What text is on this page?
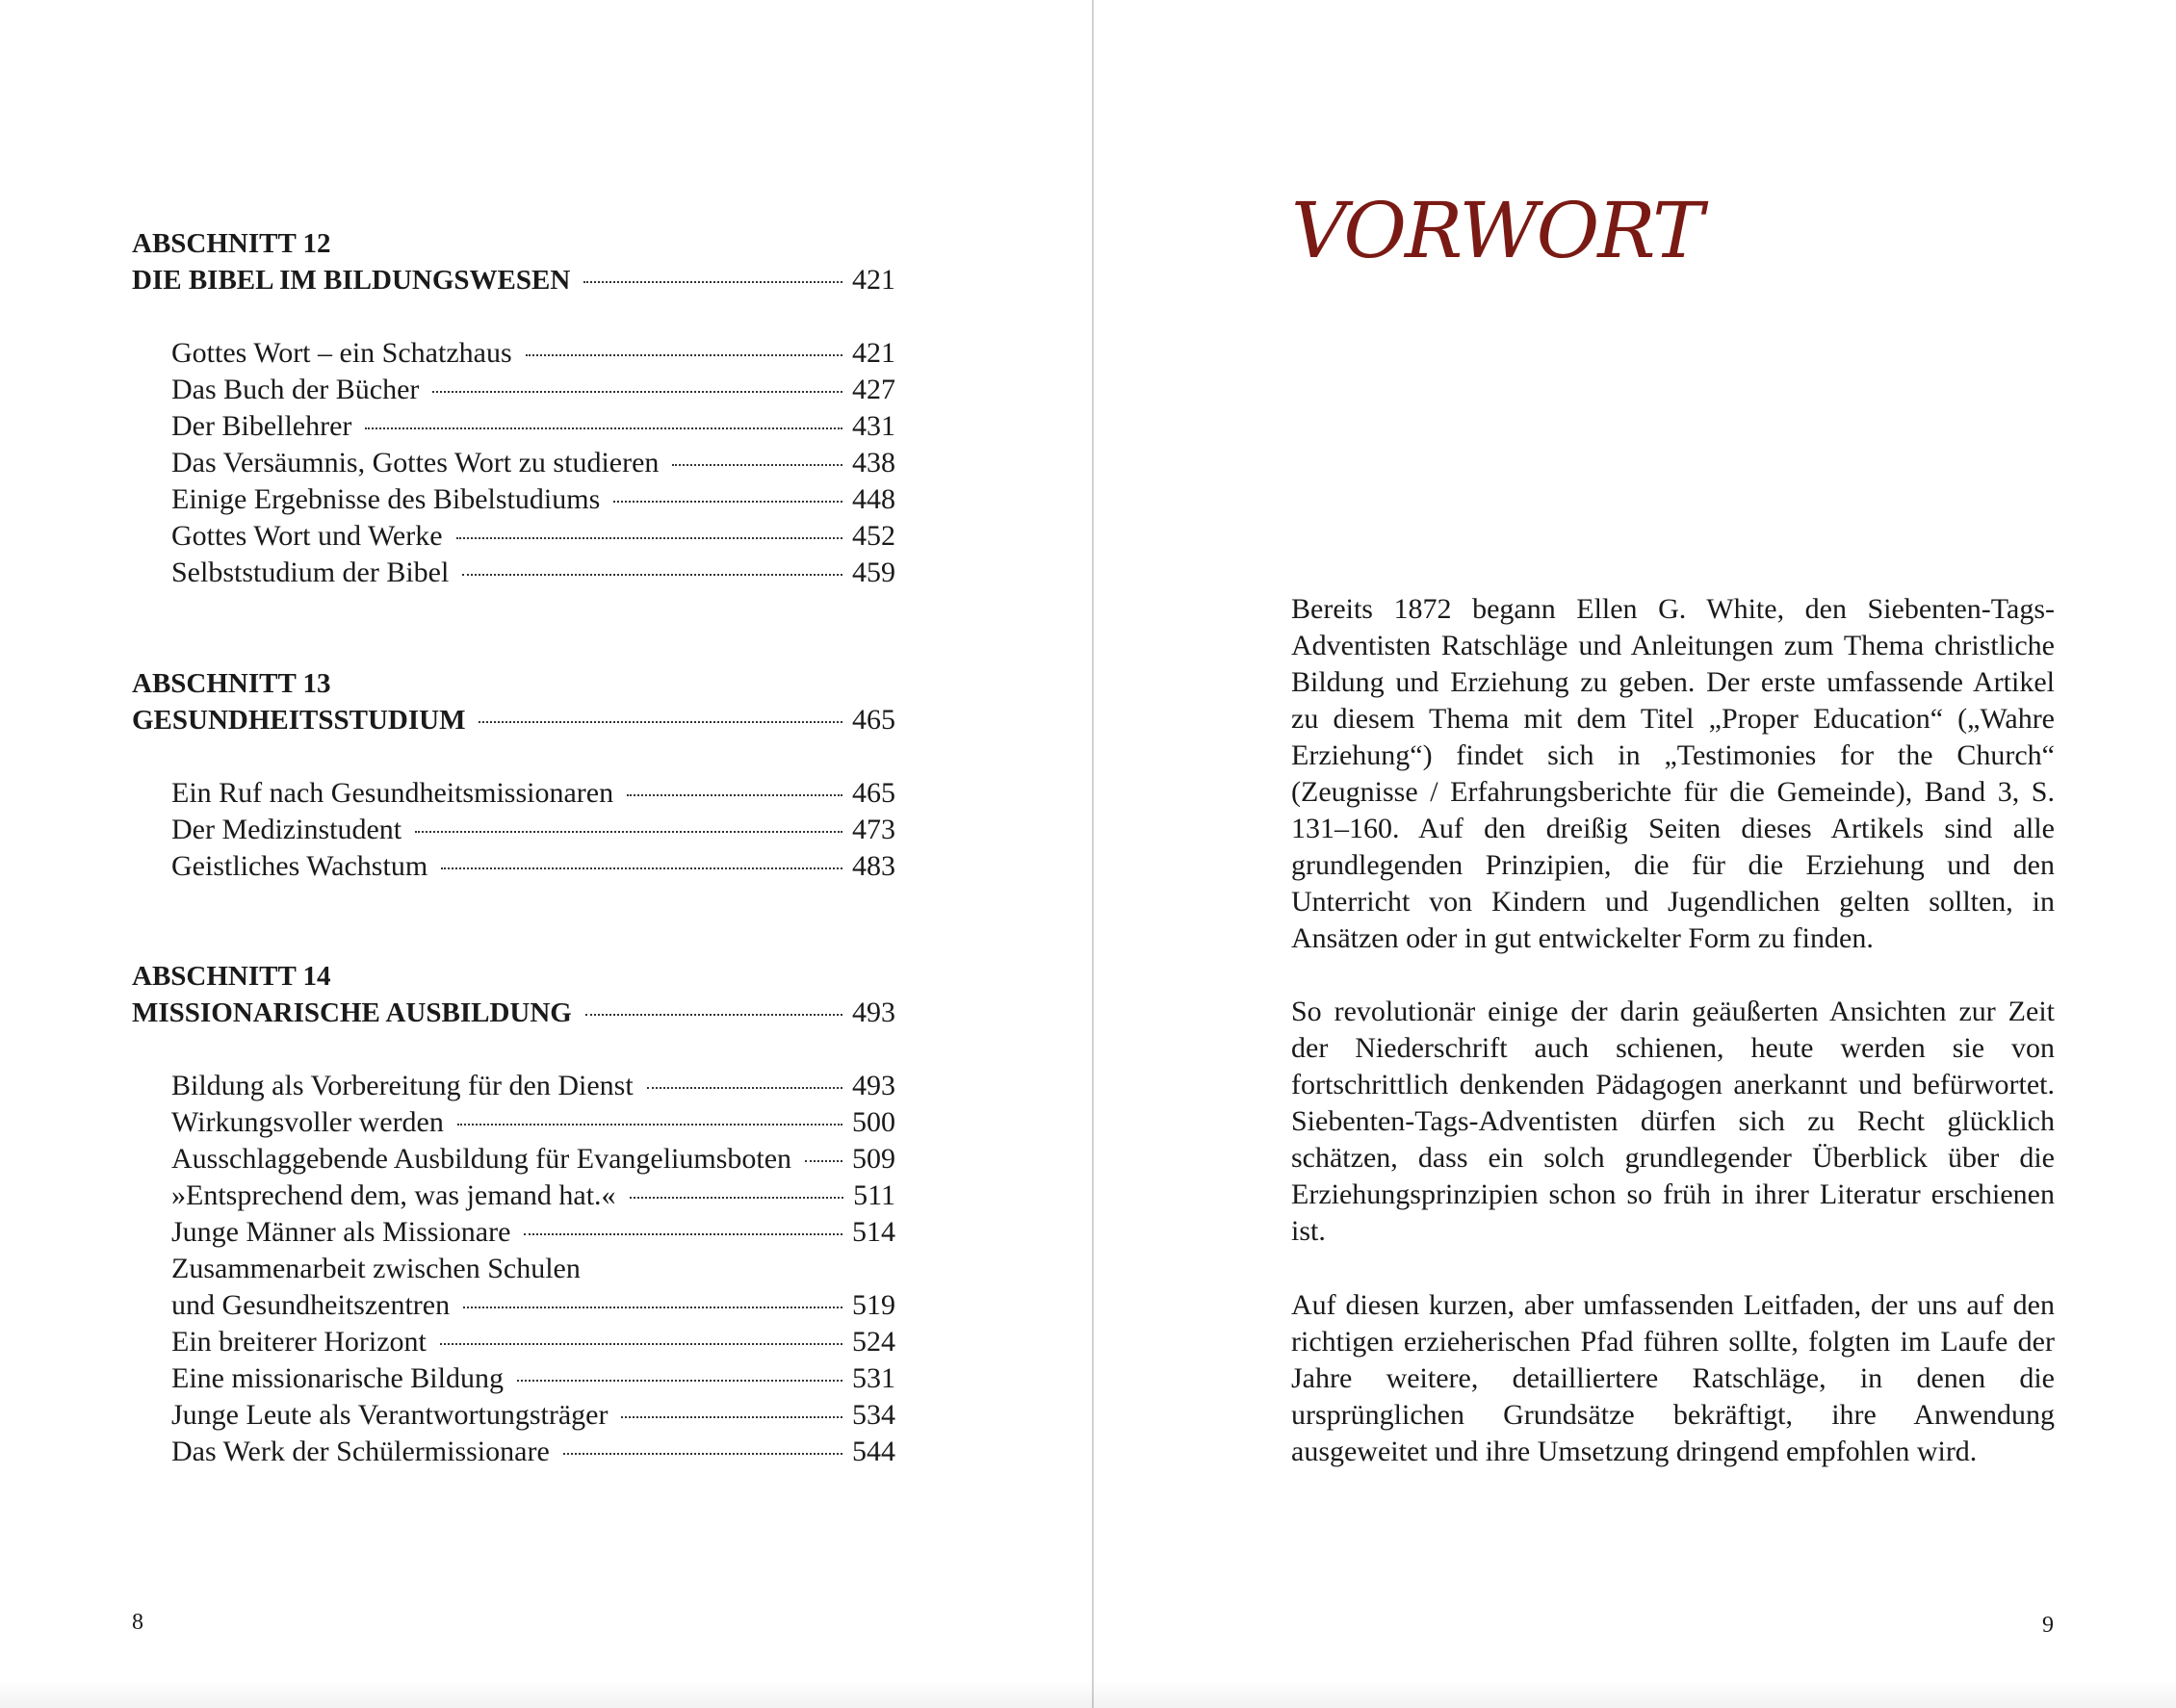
ABSCHNITT 12
DIE BIBEL IM BILDUNGSWESEN	421
Gottes Wort – ein Schatzhaus	421
Das Buch der Bücher	427
Der Bibellehrer	431
Das Versäumnis, Gottes Wort zu studieren	438
Einige Ergebnisse des Bibelstudiums	448
Gottes Wort und Werke	452
Selbststudium der Bibel	459
ABSCHNITT 13
GESUNDHEITSSTUDIUM	465
Ein Ruf nach Gesundheitsmissionaren	465
Der Medizinstudent	473
Geistliches Wachstum	483
ABSCHNITT 14
MISSIONARISCHE AUSBILDUNG	493
Bildung als Vorbereitung für den Dienst	493
Wirkungsvoller werden	500
Ausschlaggebende Ausbildung für Evangeliumsboten 509
»Entsprechend dem, was jemand hat.«	511
Junge Männer als Missionare	514
Zusammenarbeit zwischen Schulen
und Gesundheitszentren	519
Ein breiterer Horizont	524
Eine missionarische Bildung	531
Junge Leute als Verantwortungsträger	534
Das Werk der Schülermissionare	544
8
VORWORT
Bereits 1872 begann Ellen G. White, den Siebenten-Tags-Adventisten Ratschläge und Anleitungen zum Thema christliche Bildung und Erziehung zu geben. Der erste umfassende Artikel zu diesem Thema mit dem Titel „Proper Education“ („Wahre Erziehung“) findet sich in „Testimonies for the Church“ (Zeugnisse / Erfahrungsberichte für die Gemeinde), Band 3, S. 131–160. Auf den dreißig Seiten dieses Artikels sind alle grundlegenden Prinzipien, die für die Erziehung und den Unterricht von Kindern und Jugendlichen gelten sollten, in Ansätzen oder in gut entwickelter Form zu finden.
So revolutionär einige der darin geäußerten Ansichten zur Zeit der Niederschrift auch schienen, heute werden sie von fortschrittlich denkenden Pädagogen anerkannt und befürwortet. Siebenten-Tags-Adventisten dürfen sich zu Recht glücklich schätzen, dass ein solch grundlegender Überblick über die Erziehungsprinzipien schon so früh in ihrer Literatur erschienen ist.
Auf diesen kurzen, aber umfassenden Leitfaden, der uns auf den richtigen erzieherischen Pfad führen sollte, folgten im Laufe der Jahre weitere, detailliertere Ratschläge, in denen die ursprünglichen Grundsätze bekräftigt, ihre Anwendung ausgeweitet und ihre Umsetzung dringend empfohlen wird.
9
